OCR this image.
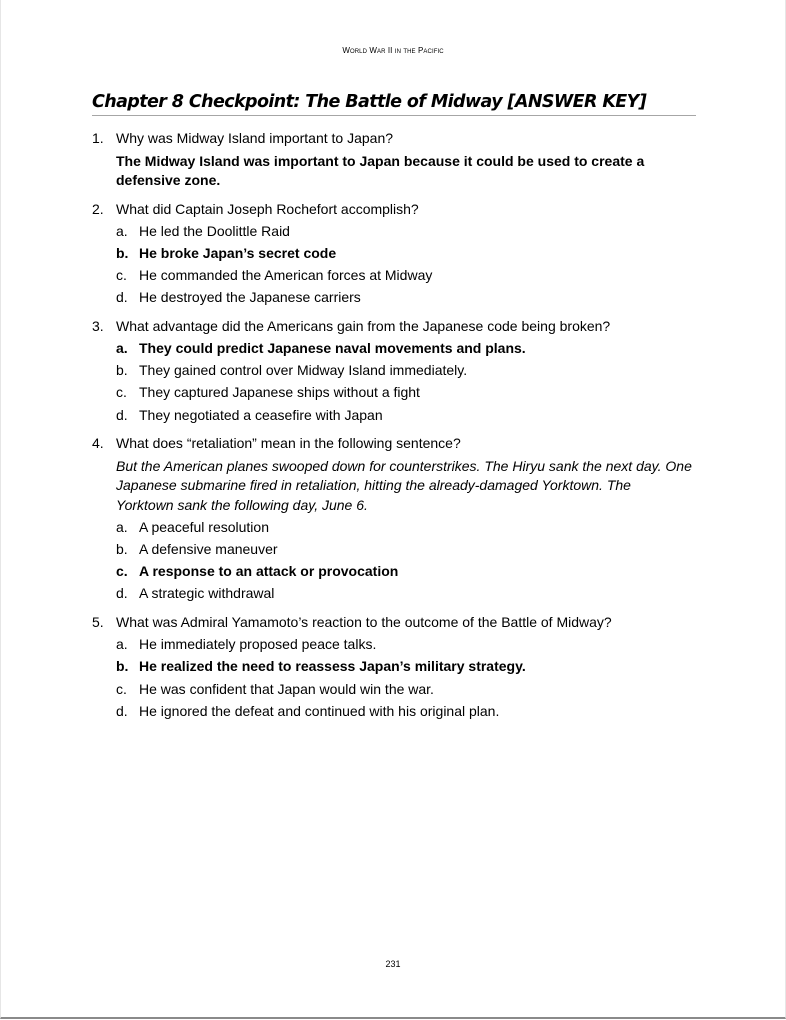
World War II in the Pacific
Chapter 8 Checkpoint: The Battle of Midway [ANSWER KEY]
1. Why was Midway Island important to Japan?
The Midway Island was important to Japan because it could be used to create a defensive zone.
2. What did Captain Joseph Rochefort accomplish?
a. He led the Doolittle Raid
b. He broke Japan’s secret code
c. He commanded the American forces at Midway
d. He destroyed the Japanese carriers
3. What advantage did the Americans gain from the Japanese code being broken?
a. They could predict Japanese naval movements and plans.
b. They gained control over Midway Island immediately.
c. They captured Japanese ships without a fight
d. They negotiated a ceasefire with Japan
4. What does “retaliation” mean in the following sentence?
But the American planes swooped down for counterstrikes. The Hiryu sank the next day. One Japanese submarine fired in retaliation, hitting the already-damaged Yorktown. The Yorktown sank the following day, June 6.
a. A peaceful resolution
b. A defensive maneuver
c. A response to an attack or provocation
d. A strategic withdrawal
5. What was Admiral Yamamoto’s reaction to the outcome of the Battle of Midway?
a. He immediately proposed peace talks.
b. He realized the need to reassess Japan’s military strategy.
c. He was confident that Japan would win the war.
d. He ignored the defeat and continued with his original plan.
231
